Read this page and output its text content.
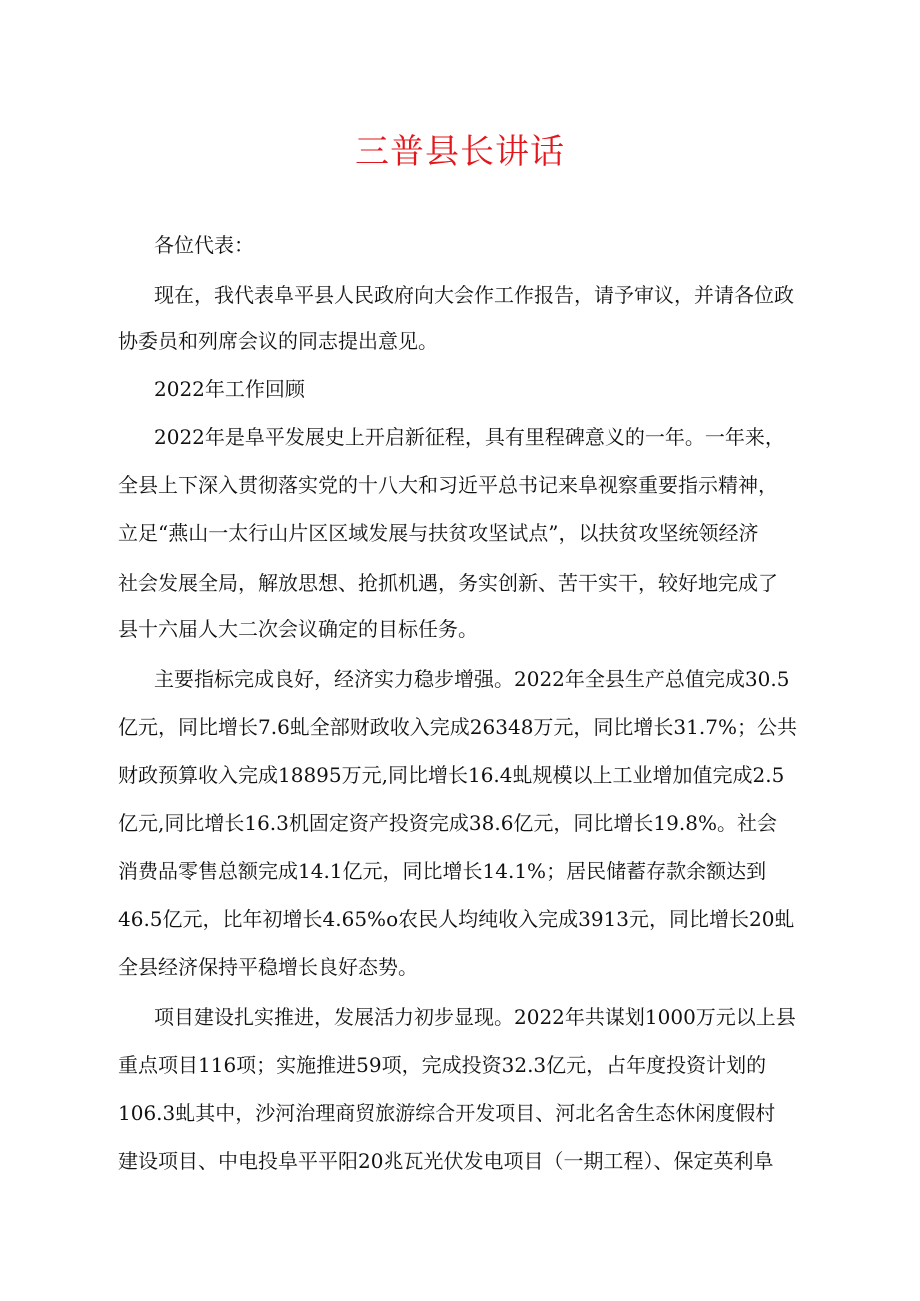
三普县长讲话
各位代表：
现在，我代表阜平县人民政府向大会作工作报告，请予审议，并请各位政
协委员和列席会议的同志提出意见。
2022年工作回顾
2022年是阜平发展史上开启新征程，具有里程碑意义的一年。一年来，
全县上下深入贯彻落实党的十八大和习近平总书记来阜视察重要指示精神，
立足“燕山一太行山片区区域发展与扶贫攻坚试点”，以扶贫攻坚统领经济
社会发展全局，解放思想、抢抓机遇，务实创新、苦干实干，较好地完成了
县十六届人大二次会议确定的目标任务。
主要指标完成良好，经济实力稳步增强。2022年全县生产总值完成30.5
亿元，同比增长7.6虬全部财政收入完成26348万元，同比增长31.7%；公共
财政预算收入完成18895万元,同比增长16.4虬规模以上工业增加值完成2.5
亿元,同比增长16.3机固定资产投资完成38.6亿元，同比增长19.8%。社会
消费品零售总额完成14.1亿元，同比增长14.1%；居民储蓄存款余额达到
46.5亿元，比年初增长4.65%o农民人均纯收入完成3913元，同比增长20虬
全县经济保持平稳增长良好态势。
项目建设扎实推进，发展活力初步显现。2022年共谋划1000万元以上县
重点项目116项；实施推进59项，完成投资32.3亿元，占年度投资计划的
106.3虬其中，沙河治理商贸旅游综合开发项目、河北名舍生态休闲度假村
建设项目、中电投阜平平阳20兆瓦光伏发电项目（一期工程）、保定英利阜
